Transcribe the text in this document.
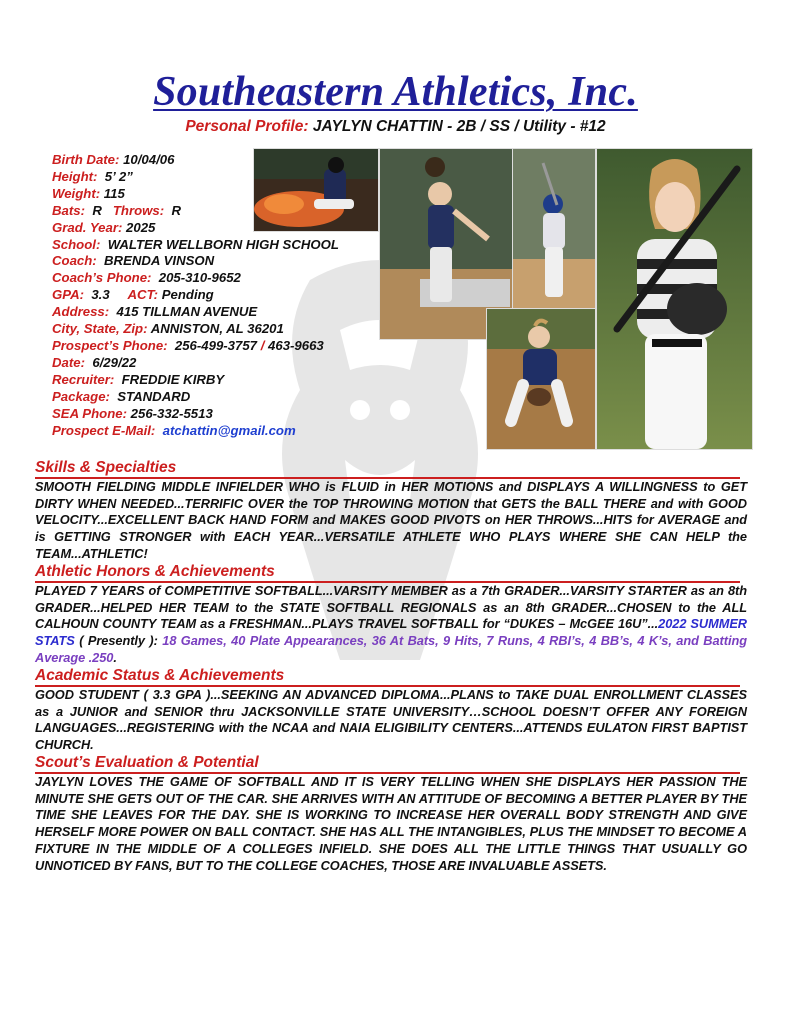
Southeastern Athletics, Inc.
Personal Profile: JAYLYN CHATTIN - 2B / SS / Utility - #12
Birth Date: 10/04/06
Height: 5’ 2”
Weight: 115
Bats: R Throws: R
Grad. Year: 2025
School: WALTER WELLBORN HIGH SCHOOL
Coach: BRENDA VINSON
Coach’s Phone: 205-310-9652
GPA: 3.3 ACT: Pending
Address: 415 TILLMAN AVENUE
City, State, Zip: ANNISTON, AL 36201
Prospect’s Phone: 256-499-3757 / 463-9663
Date: 6/29/22
Recruiter: FREDDIE KIRBY
Package: STANDARD
SEA Phone: 256-332-5513
Prospect E-Mail: atchattin@gmail.com
Skills & Specialties
SMOOTH FIELDING MIDDLE INFIELDER WHO is FLUID in HER MOTIONS and DISPLAYS A WILLINGNESS to GET DIRTY WHEN NEEDED...TERRIFIC OVER the TOP THROWING MOTION that GETS the BALL THERE and with GOOD VELOCITY...EXCELLENT BACK HAND FORM and MAKES GOOD PIVOTS on HER THROWS...HITS for AVERAGE and is GETTING STRONGER with EACH YEAR...VERSATILE ATHLETE WHO PLAYS WHERE SHE CAN HELP the TEAM...ATHLETIC!
Athletic Honors & Achievements
PLAYED 7 YEARS of COMPETITIVE SOFTBALL...VARSITY MEMBER as a 7th GRADER...VARSITY STARTER as an 8th GRADER...HELPED HER TEAM to the STATE SOFTBALL REGIONALS as an 8th GRADER...CHOSEN to the ALL CALHOUN COUNTY TEAM as a FRESHMAN...PLAYS TRAVEL SOFTBALL for “DUKES – McGEE 16U”...2022 SUMMER STATS ( Presently ): 18 Games, 40 Plate Appearances, 36 At Bats, 9 Hits, 7 Runs, 4 RBI’s, 4 BB’s, 4 K’s, and Batting Average .250.
Academic Status & Achievements
GOOD STUDENT ( 3.3 GPA )...SEEKING AN ADVANCED DIPLOMA...PLANS to TAKE DUAL ENROLLMENT CLASSES as a JUNIOR and SENIOR thru JACKSONVILLE STATE UNIVERSITY…SCHOOL DOESN’T OFFER ANY FOREIGN LANGUAGES...REGISTERING with the NCAA and NAIA ELIGIBILITY CENTERS...ATTENDS EULATON FIRST BAPTIST CHURCH.
Scout’s Evaluation & Potential
JAYLYN LOVES THE GAME OF SOFTBALL AND IT IS VERY TELLING WHEN SHE DISPLAYS HER PASSION THE MINUTE SHE GETS OUT OF THE CAR. SHE ARRIVES WITH AN ATTITUDE OF BECOMING A BETTER PLAYER BY THE TIME SHE LEAVES FOR THE DAY. SHE IS WORKING TO INCREASE HER OVERALL BODY STRENGTH AND GIVE HERSELF MORE POWER ON BALL CONTACT. SHE HAS ALL THE INTANGIBLES, PLUS THE MINDSET TO BECOME A FIXTURE IN THE MIDDLE OF A COLLEGES INFIELD. SHE DOES ALL THE LITTLE THINGS THAT USUALLY GO UNNOTICED BY FANS, BUT TO THE COLLEGE COACHES, THOSE ARE INVALUABLE ASSETS.
